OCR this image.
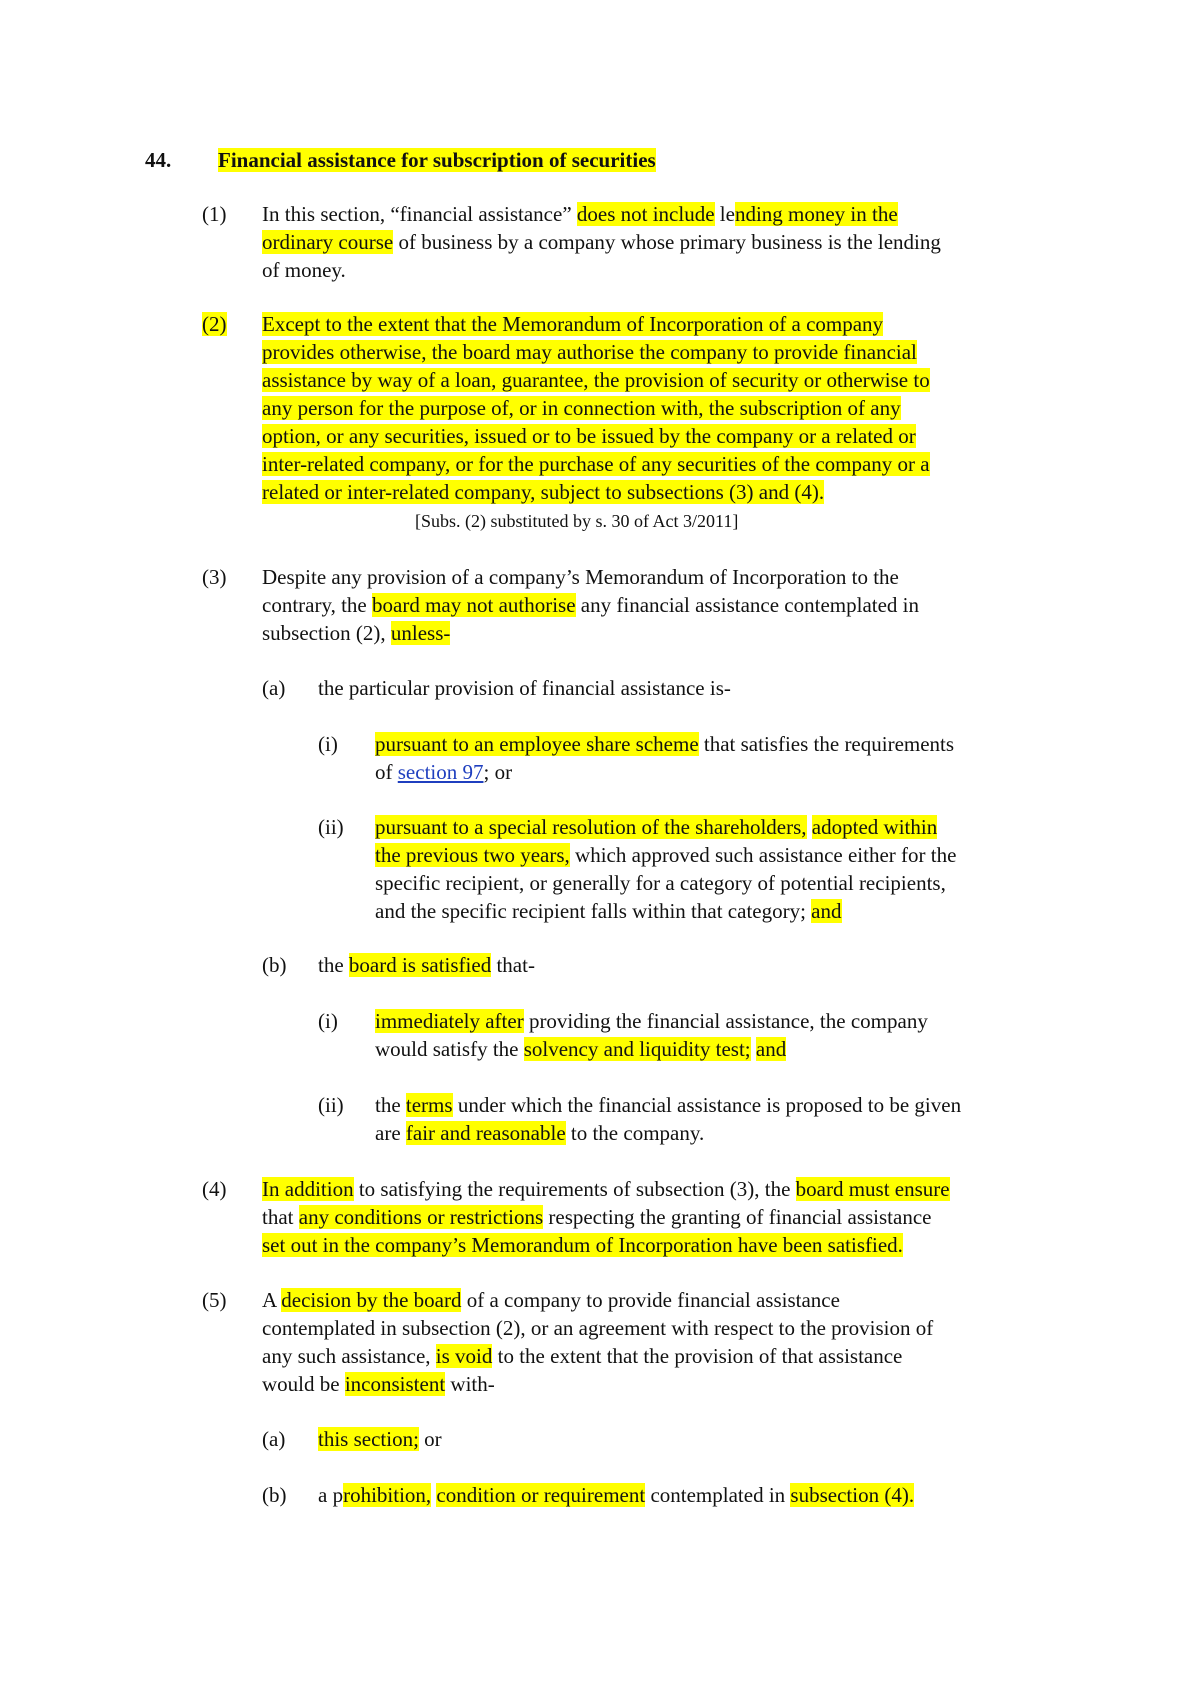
44. Financial assistance for subscription of securities
(1) In this section, “financial assistance” does not include lending money in the
ordinary course of business by a company whose primary business is the lending
of money.
(2) Except to the extent that the Memorandum of Incorporation of a company
provides otherwise, the board may authorise the company to provide financial
assistance by way of a loan, guarantee, the provision of security or otherwise to
any person for the purpose of, or in connection with, the subscription of any
option, or any securities, issued or to be issued by the company or a related or
inter-related company, or for the purchase of any securities of the company or a
related or inter-related company, subject to subsections (3) and (4).
[Subs. (2) substituted by s. 30 of Act 3/2011]
(3) Despite any provision of a company’s Memorandum of Incorporation to the
contrary, the board may not authorise any financial assistance contemplated in
subsection (2), unless-
(a) the particular provision of financial assistance is-
(i) pursuant to an employee share scheme that satisfies the requirements
of section 97; or
(ii) pursuant to a special resolution of the shareholders, adopted within
the previous two years, which approved such assistance either for the
specific recipient, or generally for a category of potential recipients,
and the specific recipient falls within that category; and
(b) the board is satisfied that-
(i) immediately after providing the financial assistance, the company
would satisfy the solvency and liquidity test; and
(ii) the terms under which the financial assistance is proposed to be given
are fair and reasonable to the company.
(4) In addition to satisfying the requirements of subsection (3), the board must ensure
that any conditions or restrictions respecting the granting of financial assistance
set out in the company’s Memorandum of Incorporation have been satisfied.
(5) A decision by the board of a company to provide financial assistance
contemplated in subsection (2), or an agreement with respect to the provision of
any such assistance, is void to the extent that the provision of that assistance
would be inconsistent with-
(a) this section; or
(b) a prohibition, condition or requirement contemplated in subsection (4).
